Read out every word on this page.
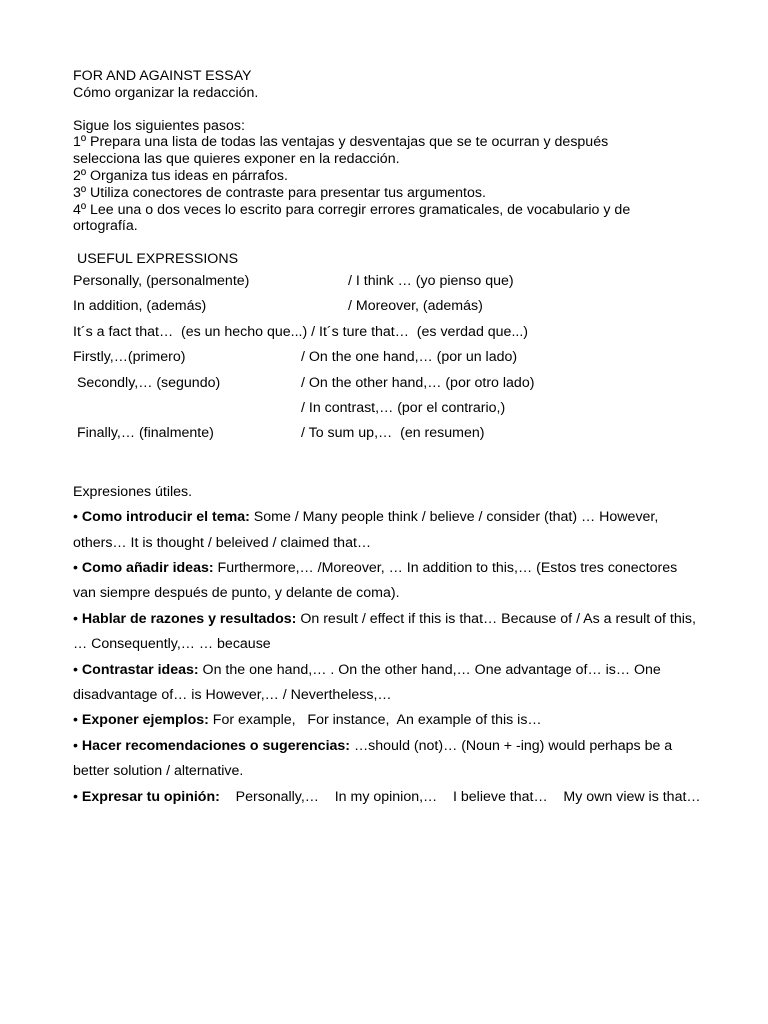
FOR AND AGAINST ESSAY

Cómo organizar la redacción.

Sigue los siguientes pasos:

1º Prepara una lista de todas las ventajas y desventajas que se te ocurran y después selecciona las que quieres exponer en la redacción.

2º Organiza tus ideas en párrafos.

3º Utiliza conectores de contraste para presentar tus argumentos.

4º Lee una o dos veces lo escrito para corregir errores gramaticales, de vocabulario y de ortografía.

USEFUL EXPRESSIONS

Personally, (personalmente)	/ I think … (yo pienso que)
In addition, (además)	/ Moreover, (además)
It´s a fact that…  (es un hecho que...) / It´s ture that…  (es verdad que...)
Firstly,…(primero)	/ On the one hand,… (por un lado)
Secondly,… (segundo)	/ On the other hand,… (por otro lado)
/ In contrast,… (por el contrario,)
Finally,… (finalmente)	/ To sum up,…  (en resumen)
Expresiones útiles.

• Como introducir el tema: Some / Many people think / believe / consider (that) … However, others… It is thought / beleived / claimed that…

• Como añadir ideas: Furthermore,… /Moreover, … In addition to this,… (Estos tres conectores van siempre después de punto, y delante de coma).

• Hablar de razones y resultados: On result / effect if this is that… Because of / As a result of this, … Consequently,… … because

• Contrastar ideas: On the one hand,… . On the other hand,… One advantage of… is… One disadvantage of… is However,… / Nevertheless,…

• Exponer ejemplos: For example,   For instance,  An example of this is…

• Hacer recomendaciones o sugerencias: …should (not)… (Noun + -ing) would perhaps be a better solution / alternative.

• Expresar tu opinión:    Personally,…    In my opinion,…    I believe that…    My own view is that…
